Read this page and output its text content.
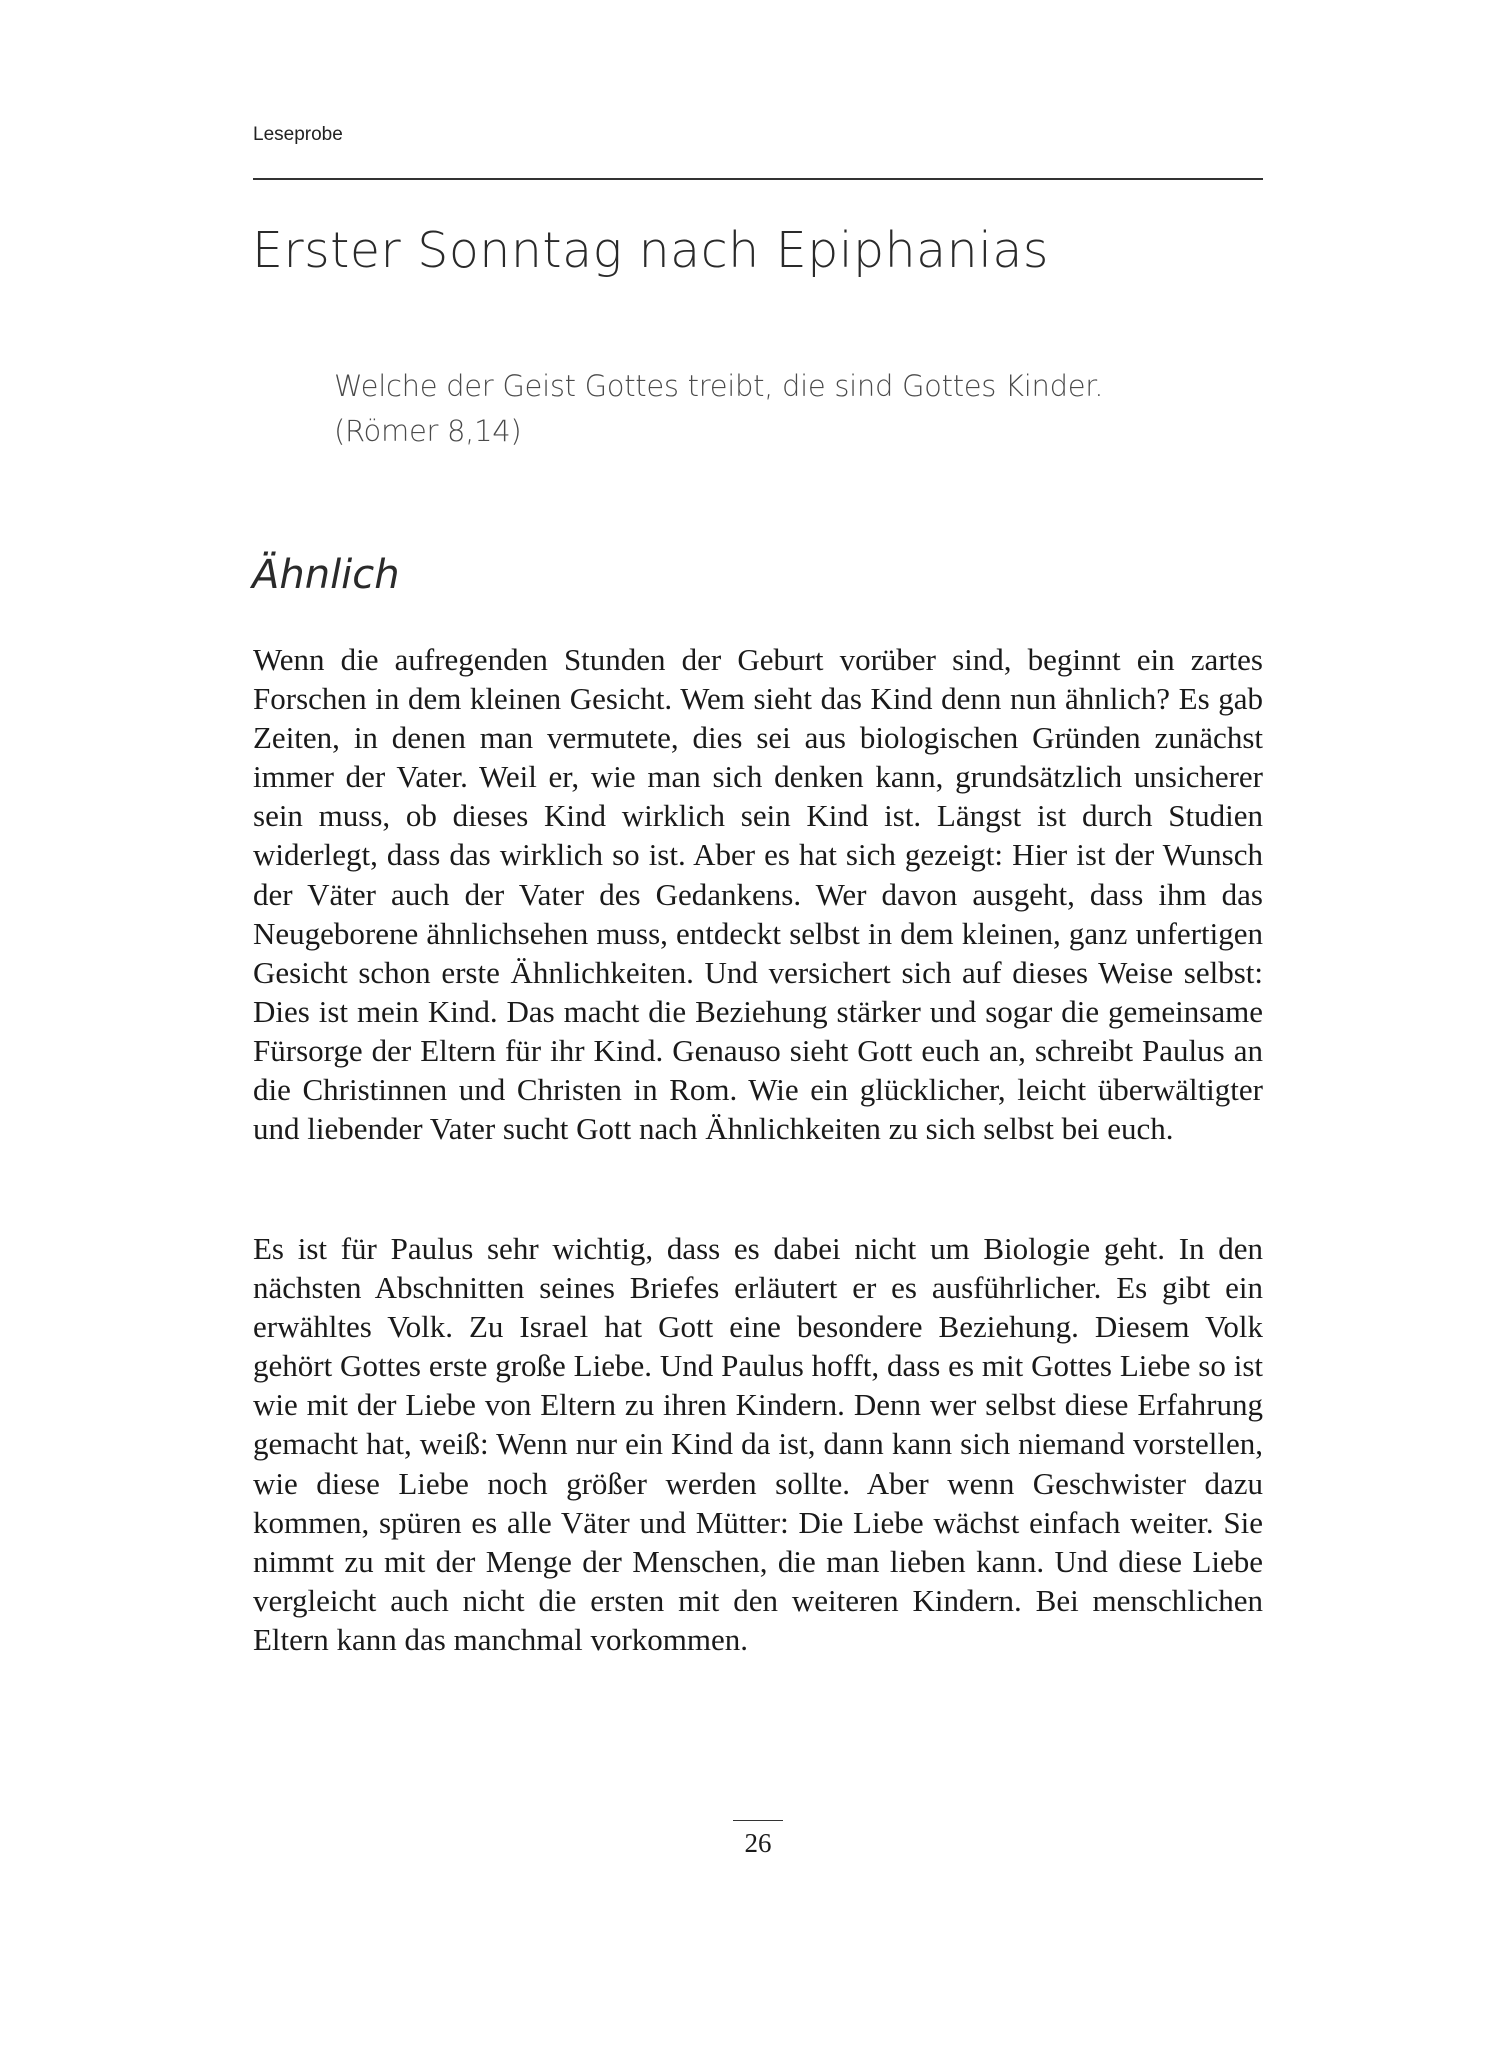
Leseprobe
Erster Sonntag nach Epiphanias
Welche der Geist Gottes treibt, die sind Gottes Kinder.
(Römer 8,14)
Ähnlich

Wenn die aufregenden Stunden der Geburt vorüber sind, beginnt ein zartes Forschen in dem kleinen Gesicht. Wem sieht das Kind denn nun ähnlich? Es gab Zeiten, in denen man vermutete, dies sei aus biologischen Gründen zunächst immer der Vater. Weil er, wie man sich denken kann, grundsätzlich unsicherer sein muss, ob dieses Kind wirklich sein Kind ist. Längst ist durch Studien widerlegt, dass das wirklich so ist. Aber es hat sich gezeigt: Hier ist der Wunsch der Väter auch der Vater des Gedankens. Wer davon ausgeht, dass ihm das Neugeborene ähnlichsehen muss, entdeckt selbst in dem kleinen, ganz unfertigen Gesicht schon erste Ähnlichkeiten. Und versichert sich auf dieses Weise selbst: Dies ist mein Kind. Das macht die Beziehung stärker und sogar die gemeinsame Fürsorge der Eltern für ihr Kind. Genauso sieht Gott euch an, schreibt Paulus an die Christinnen und Christen in Rom. Wie ein glücklicher, leicht überwältigter und liebender Vater sucht Gott nach Ähnlichkeiten zu sich selbst bei euch.

Es ist für Paulus sehr wichtig, dass es dabei nicht um Biologie geht. In den nächsten Abschnitten seines Briefes erläutert er es ausführlicher. Es gibt ein erwähltes Volk. Zu Israel hat Gott eine besondere Beziehung. Diesem Volk gehört Gottes erste große Liebe. Und Paulus hofft, dass es mit Gottes Liebe so ist wie mit der Liebe von Eltern zu ihren Kindern. Denn wer selbst diese Erfahrung gemacht hat, weiß: Wenn nur ein Kind da ist, dann kann sich niemand vorstellen, wie diese Liebe noch größer werden sollte. Aber wenn Geschwister dazu kommen, spüren es alle Väter und Mütter: Die Liebe wächst einfach weiter. Sie nimmt zu mit der Menge der Menschen, die man lieben kann. Und diese Liebe vergleicht auch nicht die ersten mit den weiteren Kindern. Bei menschlichen Eltern kann das manchmal vorkommen.

26
